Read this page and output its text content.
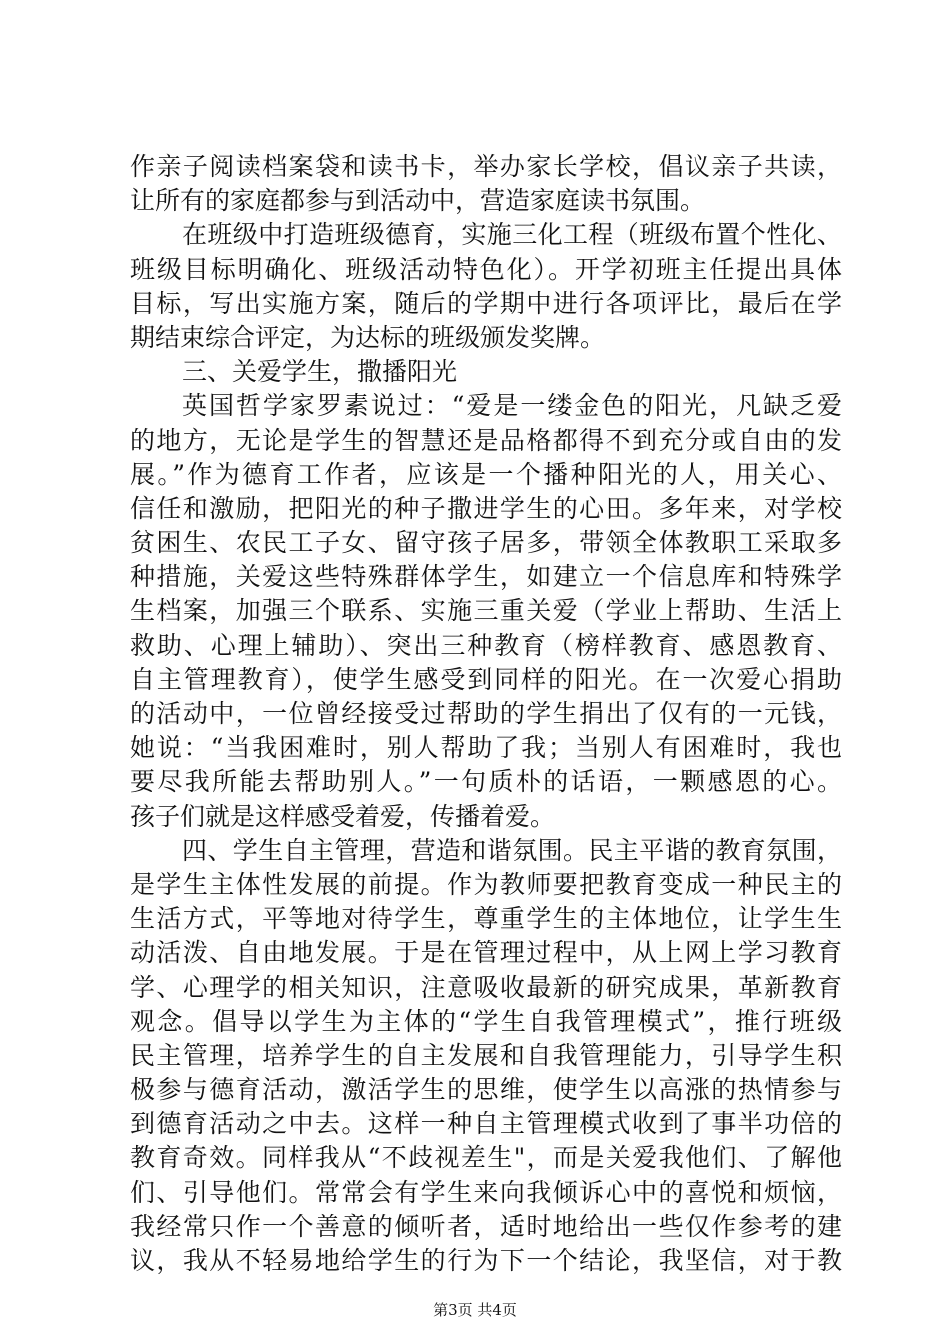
作亲子阅读档案袋和读书卡，举办家长学校，倡议亲子共读，
让所有的家庭都参与到活动中，营造家庭读书氛围。
在班级中打造班级德育，实施三化工程（班级布置个性化、
班级目标明确化、班级活动特色化）。开学初班主任提出具体
目标，写出实施方案，随后的学期中进行各项评比，最后在学
期结束综合评定，为达标的班级颁发奖牌。
三、关爱学生，撒播阳光
英国哲学家罗素说过：“爱是一缕金色的阳光，凡缺乏爱
的地方，无论是学生的智慧还是品格都得不到充分或自由的发
展。”作为德育工作者，应该是一个播种阳光的人，用关心、
信任和激励，把阳光的种子撒进学生的心田。多年来，对学校
贫困生、农民工子女、留守孩子居多，带领全体教职工采取多
种措施，关爱这些特殊群体学生，如建立一个信息库和特殊学
生档案，加强三个联系、实施三重关爱（学业上帮助、生活上
救助、心理上辅助）、突出三种教育（榜样教育、感恩教育、
自主管理教育），使学生感受到同样的阳光。在一次爱心捐助
的活动中，一位曾经接受过帮助的学生捐出了仅有的一元钱，
她说：“当我困难时，别人帮助了我；当别人有困难时，我也
要尽我所能去帮助别人。”一句质朴的话语，一颗感恩的心。
孩子们就是这样感受着爱，传播着爱。
四、学生自主管理，营造和谐氛围。民主平谐的教育氛围，
是学生主体性发展的前提。作为教师要把教育变成一种民主的
生活方式，平等地对待学生，尊重学生的主体地位，让学生生
动活泼、自由地发展。于是在管理过程中，从上网上学习教育
学、心理学的相关知识，注意吸收最新的研究成果，革新教育
观念。倡导以学生为主体的“学生自我管理模式”，推行班级
民主管理，培养学生的自主发展和自我管理能力，引导学生积
极参与德育活动，激活学生的思维，使学生以高涨的热情参与
到德育活动之中去。这样一种自主管理模式收到了事半功倍的
教育奇效。同样我从“不歧视差生"，而是关爱我他们、了解他
们、引导他们。常常会有学生来向我倾诉心中的喜悦和烦恼，
我经常只作一个善意的倾听者，适时地给出一些仅作参考的建
议，我从不轻易地给学生的行为下一个结论，我坚信，对于教
第3页 共4页
